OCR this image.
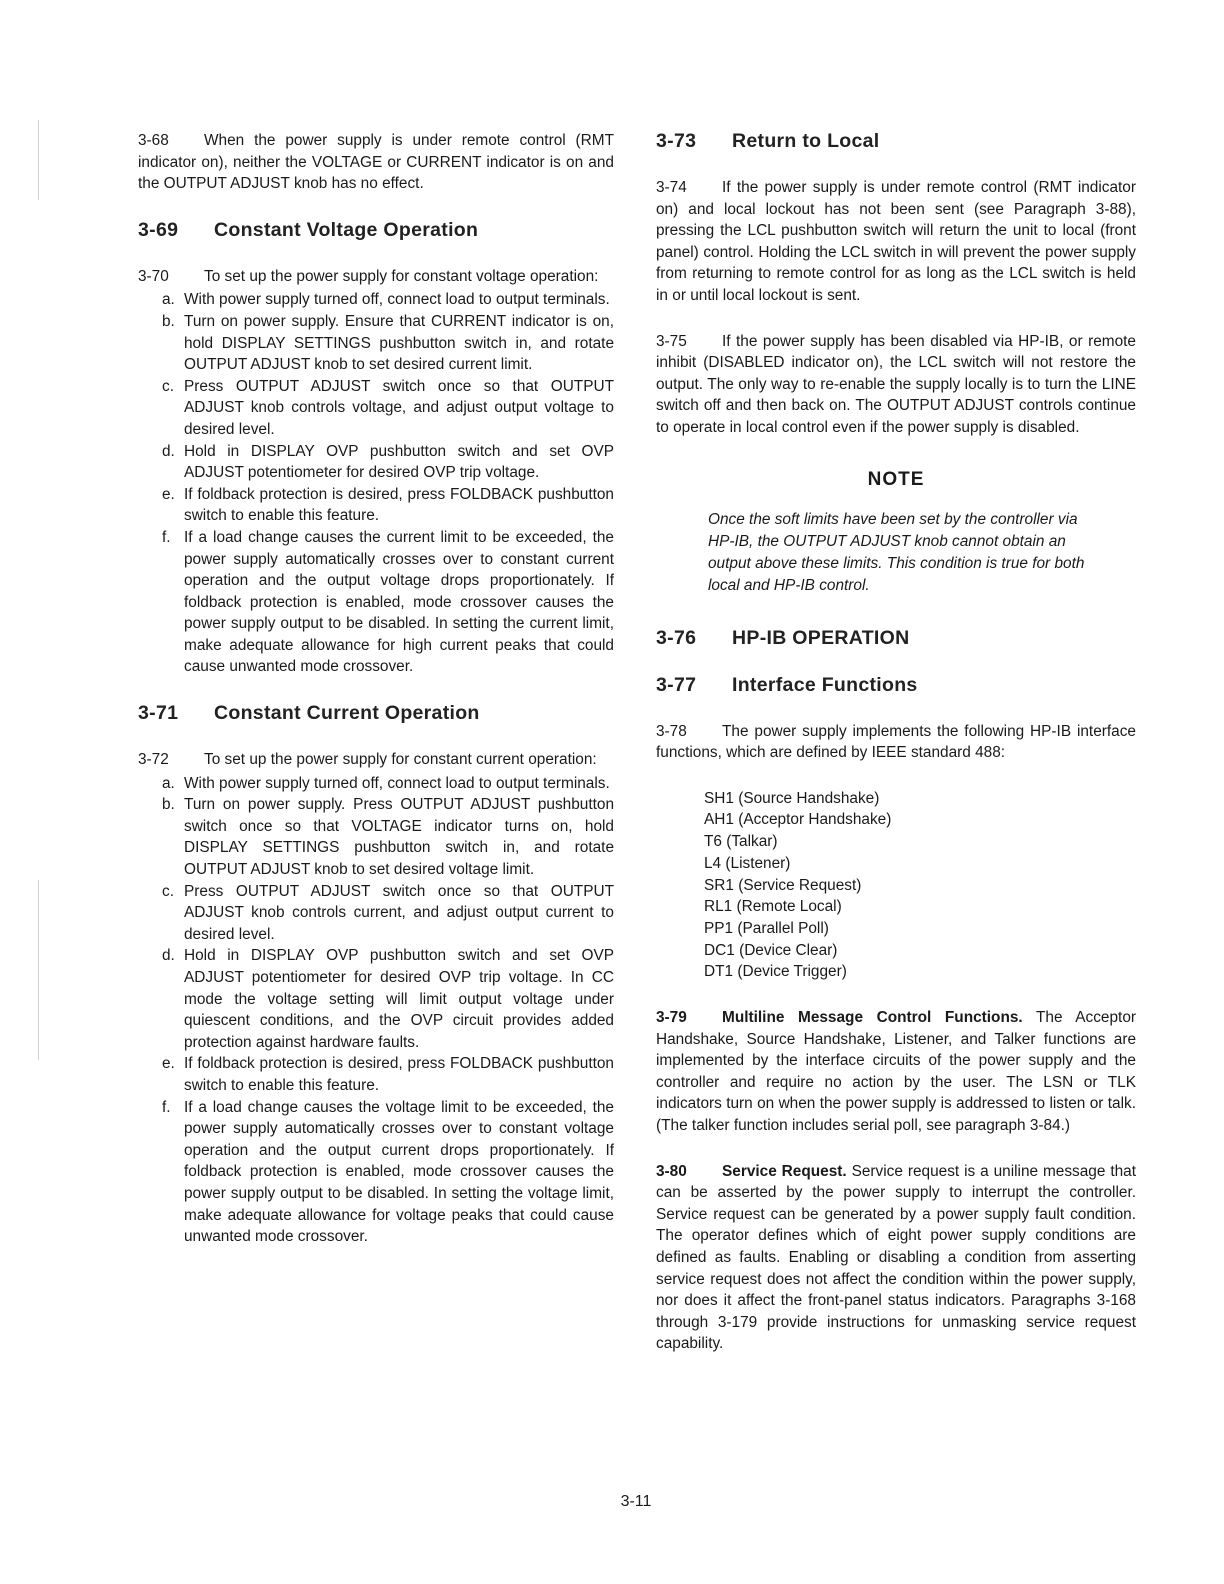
3-68 When the power supply is under remote control (RMT indicator on), neither the VOLTAGE or CURRENT indicator is on and the OUTPUT ADJUST knob has no effect.

3-69 Constant Voltage Operation

3-70 To set up the power supply for constant voltage operation:

a. With power supply turned off, connect load to output terminals.
b. Turn on power supply. Ensure that CURRENT indicator is on, hold DISPLAY SETTINGS pushbutton switch in, and rotate OUTPUT ADJUST knob to set desired current limit.
c. Press OUTPUT ADJUST switch once so that OUTPUT ADJUST knob controls voltage, and adjust output voltage to desired level.
d. Hold in DISPLAY OVP pushbutton switch and set OVP ADJUST potentiometer for desired OVP trip voltage.
e. If foldback protection is desired, press FOLDBACK pushbutton switch to enable this feature.
f. If a load change causes the current limit to be exceeded, the power supply automatically crosses over to constant current operation and the output voltage drops proportionately. If foldback protection is enabled, mode crossover causes the power supply output to be disabled. In setting the current limit, make adequate allowance for high current peaks that could cause unwanted mode crossover.
3-71 Constant Current Operation

3-72 To set up the power supply for constant current operation:

a. With power supply turned off, connect load to output terminals.
b. Turn on power supply. Press OUTPUT ADJUST pushbutton switch once so that VOLTAGE indicator turns on, hold DISPLAY SETTINGS pushbutton switch in, and rotate OUTPUT ADJUST knob to set desired voltage limit.
c. Press OUTPUT ADJUST switch once so that OUTPUT ADJUST knob controls current, and adjust output current to desired level.
d. Hold in DISPLAY OVP pushbutton switch and set OVP ADJUST potentiometer for desired OVP trip voltage. In CC mode the voltage setting will limit output voltage under quiescent conditions, and the OVP circuit provides added protection against hardware faults.
e. If foldback protection is desired, press FOLDBACK pushbutton switch to enable this feature.
f. If a load change causes the voltage limit to be exceeded, the power supply automatically crosses over to constant voltage operation and the output current drops proportionately. If foldback protection is enabled, mode crossover causes the power supply output to be disabled. In setting the voltage limit, make adequate allowance for voltage peaks that could cause unwanted mode crossover.
3-73 Return to Local

3-74 If the power supply is under remote control (RMT indicator on) and local lockout has not been sent (see Paragraph 3-88), pressing the LCL pushbutton switch will return the unit to local (front panel) control. Holding the LCL switch in will prevent the power supply from returning to remote control for as long as the LCL switch is held in or until local lockout is sent.

3-75 If the power supply has been disabled via HP-IB, or remote inhibit (DISABLED indicator on), the LCL switch will not restore the output. The only way to re-enable the supply locally is to turn the LINE switch off and then back on. The OUTPUT ADJUST controls continue to operate in local control even if the power supply is disabled.

NOTE

Once the soft limits have been set by the controller via HP-IB, the OUTPUT ADJUST knob cannot obtain an output above these limits. This condition is true for both local and HP-IB control.

3-76 HP-IB OPERATION
3-77 Interface Functions

3-78 The power supply implements the following HP-IB interface functions, which are defined by IEEE standard 488:

SH1 (Source Handshake)
AH1 (Acceptor Handshake)
T6 (Talkar)
L4 (Listener)
SR1 (Service Request)
RL1 (Remote Local)
PP1 (Parallel Poll)
DC1 (Device Clear)
DT1 (Device Trigger)

3-79 Multiline Message Control Functions. The Acceptor Handshake, Source Handshake, Listener, and Talker functions are implemented by the interface circuits of the power supply and the controller and require no action by the user. The LSN or TLK indicators turn on when the power supply is addressed to listen or talk. (The talker function includes serial poll, see paragraph 3-84.)

3-80 Service Request. Service request is a uniline message that can be asserted by the power supply to interrupt the controller. Service request can be generated by a power supply fault condition. The operator defines which of eight power supply conditions are defined as faults. Enabling or disabling a condition from asserting service request does not affect the condition within the power supply, nor does it affect the front-panel status indicators. Paragraphs 3-168 through 3-179 provide instructions for unmasking service request capability.

3-11
